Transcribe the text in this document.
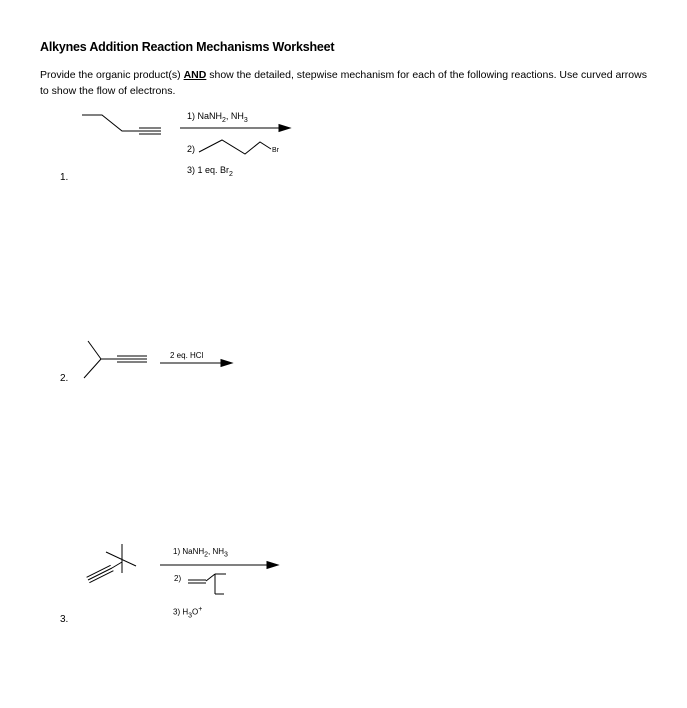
Alkynes Addition Reaction Mechanisms Worksheet
Provide the organic product(s) AND show the detailed, stepwise mechanism for each of the following reactions. Use curved arrows to show the flow of electrons.
1.
2.
3.
1) NaNH$_2$, $NH_3$
2)	Br
3) 1 eq. $Br_2$
2 eq. HCl
1) NaNH$_2$, $NH_3$
2)
3) $H_3O^+$
